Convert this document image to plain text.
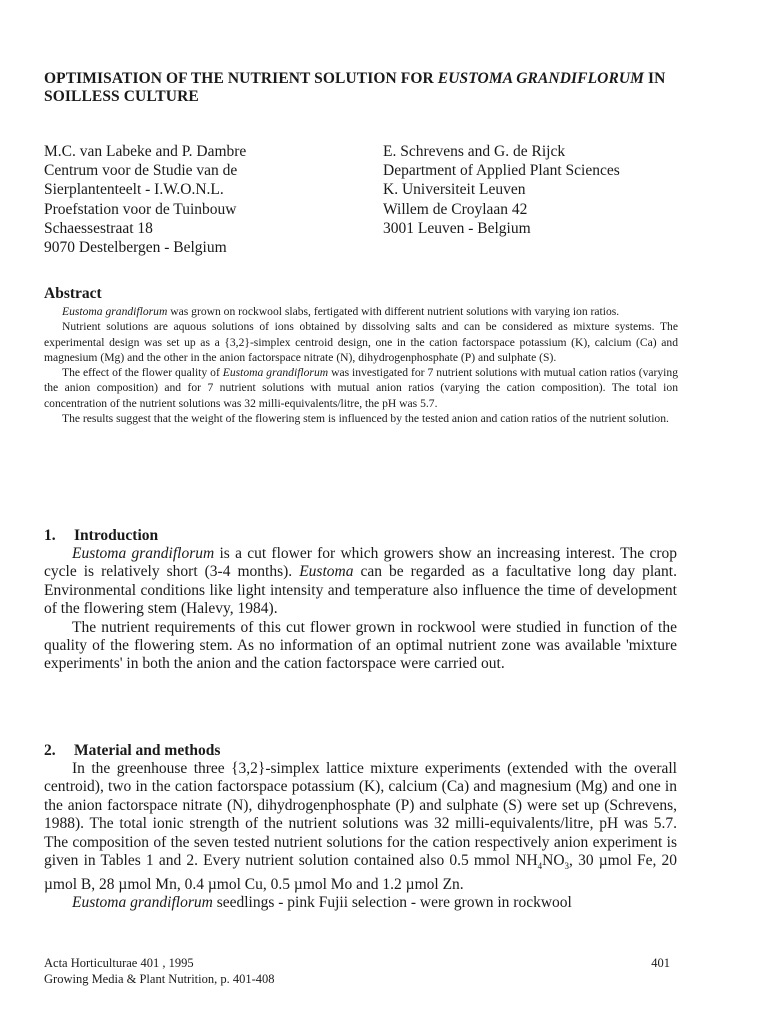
OPTIMISATION OF THE NUTRIENT SOLUTION FOR EUSTOMA GRANDIFLORUM IN SOILLESS CULTURE
M.C. van Labeke and P. Dambre
Centrum voor de Studie van de
Sierplantenteelt - I.W.O.N.L.
Proefstation voor de Tuinbouw
Schaessestraat 18
9070 Destelbergen - Belgium
E. Schrevens and G. de Rijck
Department of Applied Plant Sciences
K. Universiteit Leuven
Willem de Croylaan 42
3001 Leuven - Belgium
Abstract

Eustoma grandiflorum was grown on rockwool slabs, fertigated with different nutrient solutions with varying ion ratios.

Nutrient solutions are aquous solutions of ions obtained by dissolving salts and can be considered as mixture systems. The experimental design was set up as a {3,2}-simplex centroid design, one in the cation factorspace potassium (K), calcium (Ca) and magnesium (Mg) and the other in the anion factorspace nitrate (N), dihydrogenphosphate (P) and sulphate (S).

The effect of the flower quality of Eustoma grandiflorum was investigated for 7 nutrient solutions with mutual cation ratios (varying the anion composition) and for 7 nutrient solutions with mutual anion ratios (varying the cation composition). The total ion concentration of the nutrient solutions was 32 milli-equivalents/litre, the pH was 5.7.

The results suggest that the weight of the flowering stem is influenced by the tested anion and cation ratios of the nutrient solution.

1. Introduction

Eustoma grandiflorum is a cut flower for which growers show an increasing interest. The crop cycle is relatively short (3-4 months). Eustoma can be regarded as a facultative long day plant. Environmental conditions like light intensity and temperature also influence the time of development of the flowering stem (Halevy, 1984).

The nutrient requirements of this cut flower grown in rockwool were studied in function of the quality of the flowering stem. As no information of an optimal nutrient zone was available 'mixture experiments' in both the anion and the cation factorspace were carried out.

2. Material and methods

In the greenhouse three {3,2}-simplex lattice mixture experiments (extended with the overall centroid), two in the cation factorspace potassium (K), calcium (Ca) and magnesium (Mg) and one in the anion factorspace nitrate (N), dihydrogenphosphate (P) and sulphate (S) were set up (Schrevens, 1988). The total ionic strength of the nutrient solutions was 32 milli-equivalents/litre, pH was 5.7. The composition of the seven tested nutrient solutions for the cation respectively anion experiment is given in Tables 1 and 2. Every nutrient solution contained also 0.5 mmol $NH_4NO_3$, 30 µmol Fe, 20 µmol B, 28 µmol Mn, 0.4 µmol Cu, 0.5 µmol Mo and 1.2 µmol Zn.

Eustoma grandiflorum seedlings - pink Fujii selection - were grown in rockwool

Acta Horticulturae 401 , 1995
Growing Media & Plant Nutrition, p. 401-408
401
